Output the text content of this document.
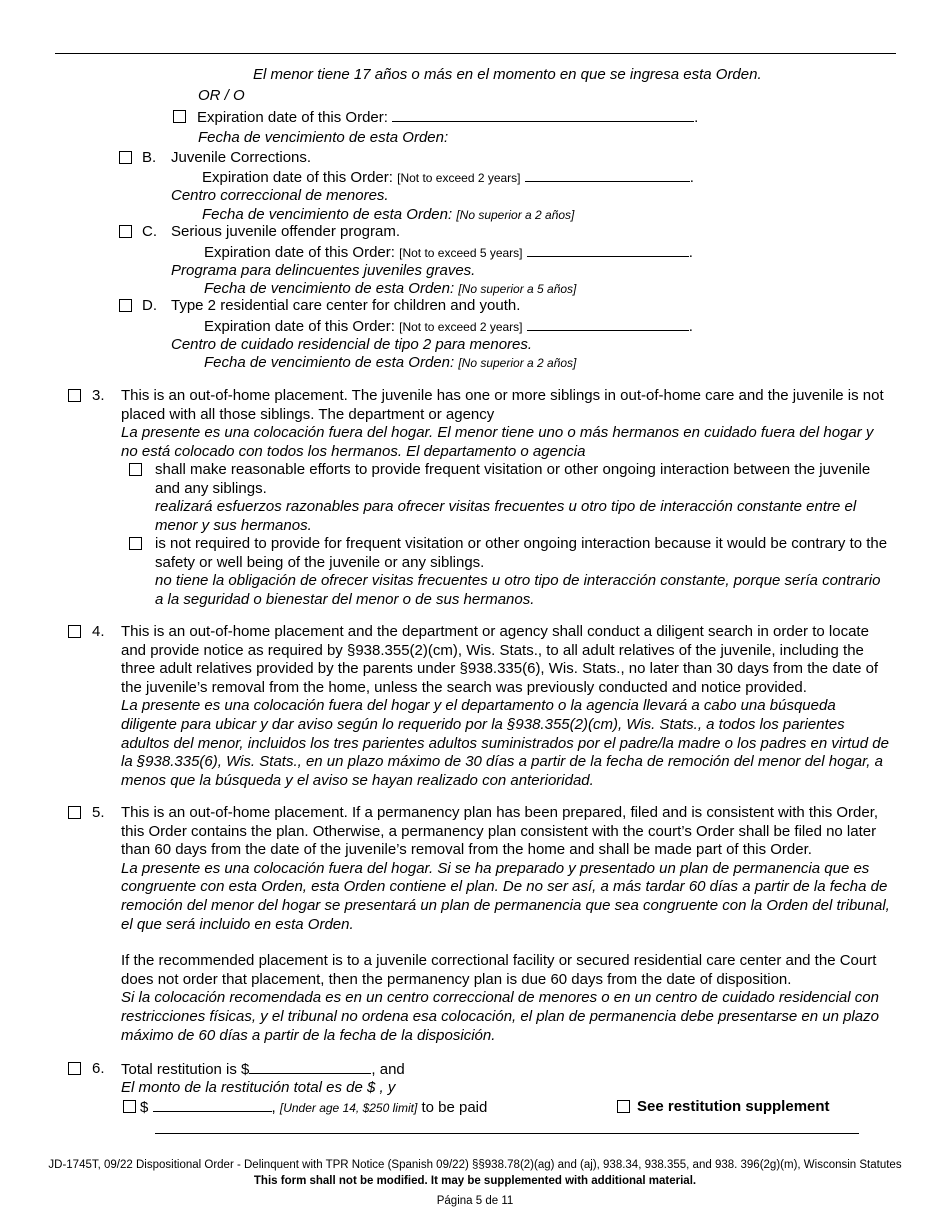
El menor tiene 17 años o más en el momento en que se ingresa esta Orden.
OR / O
Expiration date of this Order:	.
Fecha de vencimiento de esta Orden:
B. Juvenile Corrections.
Expiration date of this Order: [Not to exceed 2 years]	.
Centro correccional de menores.
Fecha de vencimiento de esta Orden: [No superior a 2 años]
C. Serious juvenile offender program.
Expiration date of this Order: [Not to exceed 5 years]	.
Programa para delincuentes juveniles graves.
Fecha de vencimiento de esta Orden: [No superior a 5 años]
D. Type 2 residential care center for children and youth.
Expiration date of this Order: [Not to exceed 2 years]	.
Centro de cuidado residencial de tipo 2 para menores.
Fecha de vencimiento de esta Orden: [No superior a 2 años]
3. This is an out-of-home placement. The juvenile has one or more siblings in out-of-home care and the juvenile is not placed with all those siblings. The department or agency

La presente es una colocación fuera del hogar. El menor tiene uno o más hermanos en cuidado fuera del hogar y no está colocado con todos los hermanos. El departamento o agencia

shall make reasonable efforts to provide frequent visitation or other ongoing interaction between the juvenile and any siblings.

realizará esfuerzos razonables para ofrecer visitas frecuentes u otro tipo de interacción constante entre el menor y sus hermanos.

is not required to provide for frequent visitation or other ongoing interaction because it would be contrary to the safety or well being of the juvenile or any siblings.

no tiene la obligación de ofrecer visitas frecuentes u otro tipo de interacción constante, porque sería contrario a la seguridad o bienestar del menor o de sus hermanos.

4. This is an out-of-home placement and the department or agency shall conduct a diligent search in order to locate and provide notice as required by §938.355(2)(cm), Wis. Stats., to all adult relatives of the juvenile, including the three adult relatives provided by the parents under §938.335(6), Wis. Stats., no later than 30 days from the date of the juvenile’s removal from the home, unless the search was previously conducted and notice provided.

La presente es una colocación fuera del hogar y el departamento o la agencia llevará a cabo una búsqueda diligente para ubicar y dar aviso según lo requerido por la §938.355(2)(cm), Wis. Stats., a todos los parientes adultos del menor, incluidos los tres parientes adultos suministrados por el padre/la madre o los padres en virtud de la §938.335(6), Wis. Stats., en un plazo máximo de 30 días a partir de la fecha de remoción del menor del hogar, a menos que la búsqueda y el aviso se hayan realizado con anterioridad.

5. This is an out-of-home placement. If a permanency plan has been prepared, filed and is consistent with this Order, this Order contains the plan. Otherwise, a permanency plan consistent with the court’s Order shall be filed no later than 60 days from the date of the juvenile’s removal from the home and shall be made part of this Order.

La presente es una colocación fuera del hogar. Si se ha preparado y presentado un plan de permanencia que es congruente con esta Orden, esta Orden contiene el plan. De no ser así, a más tardar 60 días a partir de la fecha de remoción del menor del hogar se presentará un plan de permanencia que sea congruente con la Orden del tribunal, el que será incluido en esta Orden.

If the recommended placement is to a juvenile correctional facility or secured residential care center and the Court does not order that placement, then the permanency plan is due 60 days from the date of disposition.

Si la colocación recomendada es en un centro correccional de menores o en un centro de cuidado residencial con restricciones físicas, y el tribunal no ordena esa colocación, el plan de permanencia debe presentarse en un plazo máximo de 60 días a partir de la fecha de la disposición.

6. Total restitution is $	, and
El monto de la restitución total es de $ , y
$	, [Under age 14, $250 limit] to be paid	See restitution supplement
JD-1745T, 09/22 Dispositional Order - Delinquent with TPR Notice (Spanish 09/22) §§938.78(2)(ag) and (aj), 938.34, 938.355, and 938. 396(2g)(m), Wisconsin Statutes
This form shall not be modified. It may be supplemented with additional material.
Página 5 de 11
